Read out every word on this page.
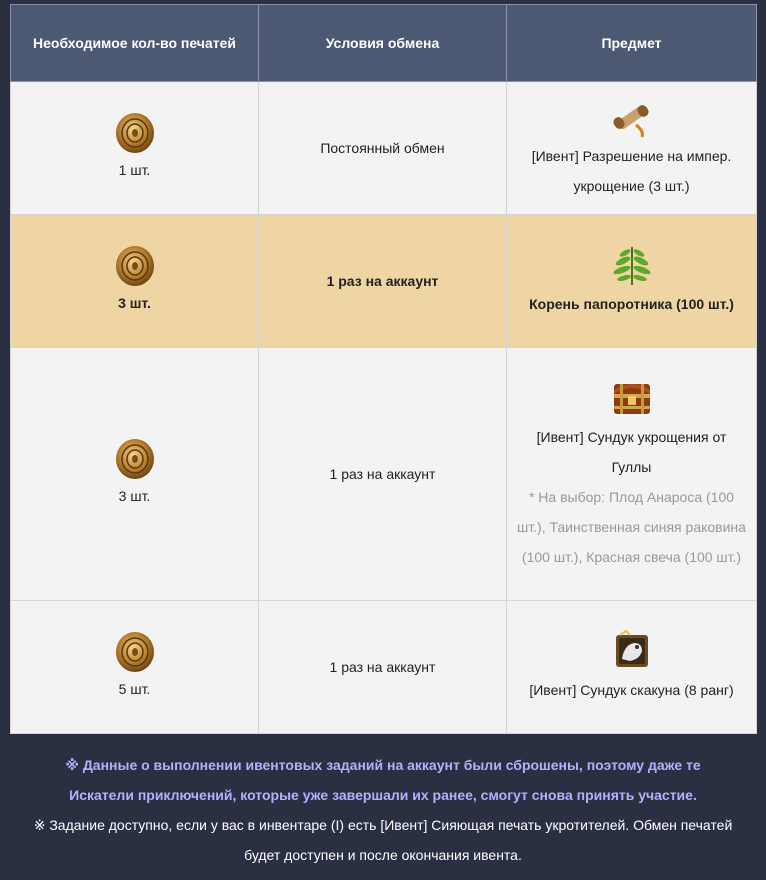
Необходимое кол-во печатей	Условия обмена	Предмет

1 шт.	Постоянный обмен	[Ивент] Разрешение на импер. укрощение (3 шт.)

3 шт.	1 раз на аккаунт	Корень папоротника (100 шт.)

3 шт.	1 раз на аккаунт	[Ивент] Сундук укрощения от Гуллы
* На выбор: Плод Анароса (100 шт.), Таинственная синяя раковина (100 шт.), Красная свеча (100 шт.)

5 шт.	1 раз на аккаунт	[Ивент] Сундук скакуна (8 ранг)
※ Данные о выполнении ивентовых заданий на аккаунт были сброшены, поэтому даже те Искатели приключений, которые уже завершали их ранее, смогут снова принять участие.
※ Задание доступно, если у вас в инвентаре (I) есть [Ивент] Сияющая печать укротителей. Обмен печатей будет доступен и после окончания ивента.
